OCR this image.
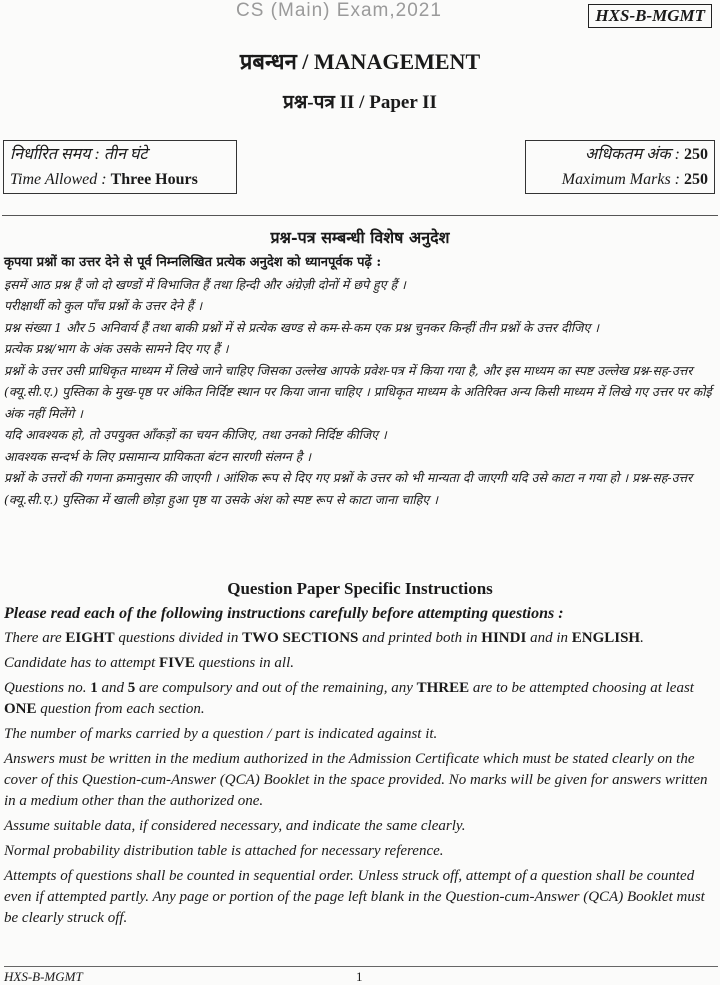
CS (Main) Exam,2021	HXS-B-MGMT
प्रबन्धन / MANAGEMENT
प्रश्न-पत्र II / Paper II
निर्धारित समय : तीन घंटे
Time Allowed : Three Hours
अधिकतम अंक : 250
Maximum Marks : 250
प्रश्न-पत्र सम्बन्धी विशेष अनुदेश

कृपया प्रश्नों का उत्तर देने से पूर्व निम्नलिखित प्रत्येक अनुदेश को ध्यानपूर्वक पढ़ें :

इसमें आठ प्रश्न हैं जो दो खण्डों में विभाजित हैं तथा हिन्दी और अंग्रेज़ी दोनों में छपे हुए हैं ।

परीक्षार्थी को कुल पाँच प्रश्नों के उत्तर देने हैं ।

प्रश्न संख्या 1 और 5 अनिवार्य हैं तथा बाकी प्रश्नों में से प्रत्येक खण्ड से कम-से-कम एक प्रश्न चुनकर किन्हीं तीन प्रश्नों के उत्तर दीजिए ।

प्रत्येक प्रश्न/भाग के अंक उसके सामने दिए गए हैं ।

प्रश्नों के उत्तर उसी प्राधिकृत माध्यम में लिखे जाने चाहिए जिसका उल्लेख आपके प्रवेश-पत्र में किया गया है, और इस माध्यम का स्पष्ट उल्लेख प्रश्न-सह-उत्तर (क्यू.सी.ए.) पुस्तिका के मुख-पृष्ठ पर अंकित निर्दिष्ट स्थान पर किया जाना चाहिए । प्राधिकृत माध्यम के अतिरिक्त अन्य किसी माध्यम में लिखे गए उत्तर पर कोई अंक नहीं मिलेंगे ।

यदि आवश्यक हो, तो उपयुक्त आँकड़ों का चयन कीजिए, तथा उनको निर्दिष्ट कीजिए ।

आवश्यक सन्दर्भ के लिए प्रसामान्य प्रायिकता बंटन सारणी संलग्न है ।

प्रश्नों के उत्तरों की गणना क्रमानुसार की जाएगी । आंशिक रूप से दिए गए प्रश्नों के उत्तर को भी मान्यता दी जाएगी यदि उसे काटा न गया हो । प्रश्न-सह-उत्तर (क्यू.सी.ए.) पुस्तिका में खाली छोड़ा हुआ पृष्ठ या उसके अंश को स्पष्ट रूप से काटा जाना चाहिए ।

Question Paper Specific Instructions

Please read each of the following instructions carefully before attempting questions :

There are EIGHT questions divided in TWO SECTIONS and printed both in HINDI and in ENGLISH.

Candidate has to attempt FIVE questions in all.

Questions no. 1 and 5 are compulsory and out of the remaining, any THREE are to be attempted choosing at least ONE question from each section.

The number of marks carried by a question / part is indicated against it.

Answers must be written in the medium authorized in the Admission Certificate which must be stated clearly on the cover of this Question-cum-Answer (QCA) Booklet in the space provided. No marks will be given for answers written in a medium other than the authorized one.

Assume suitable data, if considered necessary, and indicate the same clearly.

Normal probability distribution table is attached for necessary reference.

Attempts of questions shall be counted in sequential order. Unless struck off, attempt of a question shall be counted even if attempted partly. Any page or portion of the page left blank in the Question-cum-Answer (QCA) Booklet must be clearly struck off.

HXS-B-MGMT	1
